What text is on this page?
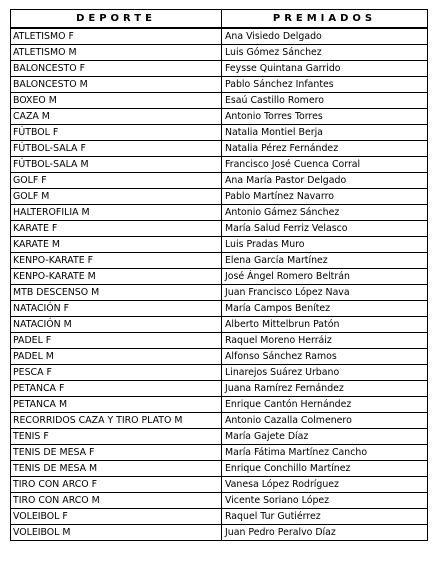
DEPORTE	PREMIADOS
ATLETISMO F	Ana Visiedo Delgado
ATLETISMO M	Luis Gómez Sánchez
BALONCESTO F	Feysse Quintana Garrido
BALONCESTO M	Pablo Sánchez Infantes
BOXEO M	Esaú Castillo Romero
CAZA M	Antonio Torres Torres
FÚTBOL F	Natalia Montiel Berja
FÚTBOL-SALA F	Natalia Pérez Fernández
FÚTBOL-SALA M	Francisco José Cuenca Corral
GOLF F	Ana María Pastor Delgado
GOLF M	Pablo Martínez Navarro
HALTEROFILIA M	Antonio Gámez Sánchez
KARATE F	María Salud Ferriz Velasco
KARATE M	Luis Pradas Muro
KENPO-KARATE F	Elena García Martínez
KENPO-KARATE M	José Ángel Romero Beltrán
MTB DESCENSO M	Juan Francisco López Nava
NATACIÓN F	María Campos Benítez
NATACIÓN M	Alberto Mittelbrun Patón
PADEL F	Raquel Moreno Herráiz
PADEL M	Alfonso Sánchez Ramos
PESCA F	Linarejos Suárez Urbano
PETANCA F	Juana Ramírez Fernández
PETANCA M	Enrique Cantón Hernández
RECORRIDOS CAZA Y TIRO PLATO M	Antonio Cazalla Colmenero
TENIS F	María Gajete Díaz
TENIS DE MESA F	María Fátima Martínez Cancho
TENIS DE MESA M	Enrique Conchillo Martínez
TIRO CON ARCO F	Vanesa López Rodríguez
TIRO CON ARCO M	Vicente Soriano López
VOLEIBOL F	Raquel Tur Gutiérrez
VOLEIBOL M	Juan Pedro Peralvo Díaz
